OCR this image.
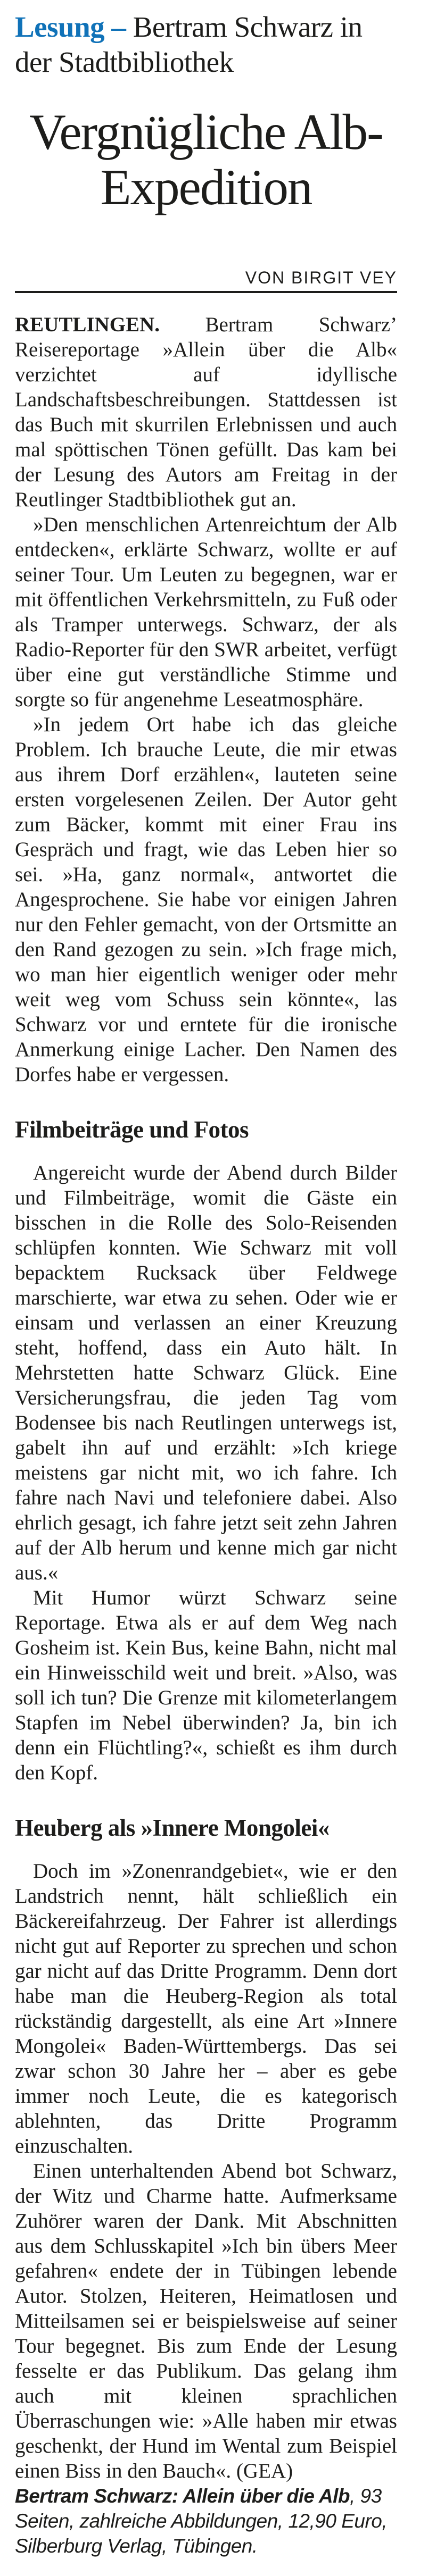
Lesung – Bertram Schwarz in der Stadtbibliothek
Vergnügliche Alb-Expedition
VON BIRGIT VEY

REUTLINGEN. Bertram Schwarz’ Reisereportage »Allein über die Alb« verzichtet auf idyllische Landschaftsbeschreibungen. Stattdessen ist das Buch mit skurrilen Erlebnissen und auch mal spöttischen Tönen gefüllt. Das kam bei der Lesung des Autors am Freitag in der Reutlinger Stadtbibliothek gut an.

»Den menschlichen Artenreichtum der Alb entdecken«, erklärte Schwarz, wollte er auf seiner Tour. Um Leuten zu begegnen, war er mit öffentlichen Verkehrsmitteln, zu Fuß oder als Tramper unterwegs. Schwarz, der als Radio-Reporter für den SWR arbeitet, verfügt über eine gut verständliche Stimme und sorgte so für angenehme Leseatmosphäre.

»In jedem Ort habe ich das gleiche Problem. Ich brauche Leute, die mir etwas aus ihrem Dorf erzählen«, lauteten seine ersten vorgelesenen Zeilen. Der Autor geht zum Bäcker, kommt mit einer Frau ins Gespräch und fragt, wie das Leben hier so sei. »Ha, ganz normal«, antwortet die Angesprochene. Sie habe vor einigen Jahren nur den Fehler gemacht, von der Ortsmitte an den Rand gezogen zu sein. »Ich frage mich, wo man hier eigentlich weniger oder mehr weit weg vom Schuss sein könnte«, las Schwarz vor und erntete für die ironische Anmerkung einige Lacher. Den Namen des Dorfes habe er vergessen.

Filmbeiträge und Fotos

Angereicht wurde der Abend durch Bilder und Filmbeiträge, womit die Gäste ein bisschen in die Rolle des Solo-Reisenden schlüpfen konnten. Wie Schwarz mit voll bepacktem Rucksack über Feldwege marschierte, war etwa zu sehen. Oder wie er einsam und verlassen an einer Kreuzung steht, hoffend, dass ein Auto hält. In Mehrstetten hatte Schwarz Glück. Eine Versicherungsfrau, die jeden Tag vom Bodensee bis nach Reutlingen unterwegs ist, gabelt ihn auf und erzählt: »Ich kriege meistens gar nicht mit, wo ich fahre. Ich fahre nach Navi und telefoniere dabei. Also ehrlich gesagt, ich fahre jetzt seit zehn Jahren auf der Alb herum und kenne mich gar nicht aus.«

Mit Humor würzt Schwarz seine Reportage. Etwa als er auf dem Weg nach Gosheim ist. Kein Bus, keine Bahn, nicht mal ein Hinweisschild weit und breit. »Also, was soll ich tun? Die Grenze mit kilometerlangem Stapfen im Nebel überwinden? Ja, bin ich denn ein Flüchtling?«, schießt es ihm durch den Kopf.

Heuberg als »Innere Mongolei«

Doch im »Zonenrandgebiet«, wie er den Landstrich nennt, hält schließlich ein Bäckereifahrzeug. Der Fahrer ist allerdings nicht gut auf Reporter zu sprechen und schon gar nicht auf das Dritte Programm. Denn dort habe man die Heuberg-Region als total rückständig dargestellt, als eine Art »Innere Mongolei« Baden-Württembergs. Das sei zwar schon 30 Jahre her – aber es gebe immer noch Leute, die es kategorisch ablehnten, das Dritte Programm einzuschalten.

Einen unterhaltenden Abend bot Schwarz, der Witz und Charme hatte. Aufmerksame Zuhörer waren der Dank. Mit Abschnitten aus dem Schlusskapitel »Ich bin übers Meer gefahren« endete der in Tübingen lebende Autor. Stolzen, Heiteren, Heimatlosen und Mitteilsamen sei er beispielsweise auf seiner Tour begegnet. Bis zum Ende der Lesung fesselte er das Publikum. Das gelang ihm auch mit kleinen sprachlichen Überraschungen wie: »Alle haben mir etwas geschenkt, der Hund im Wental zum Beispiel einen Biss in den Bauch«. (GEA)

Bertram Schwarz: Allein über die Alb, 93 Seiten, zahlreiche Abbildungen, 12,90 Euro, Silberburg Verlag, Tübingen.
